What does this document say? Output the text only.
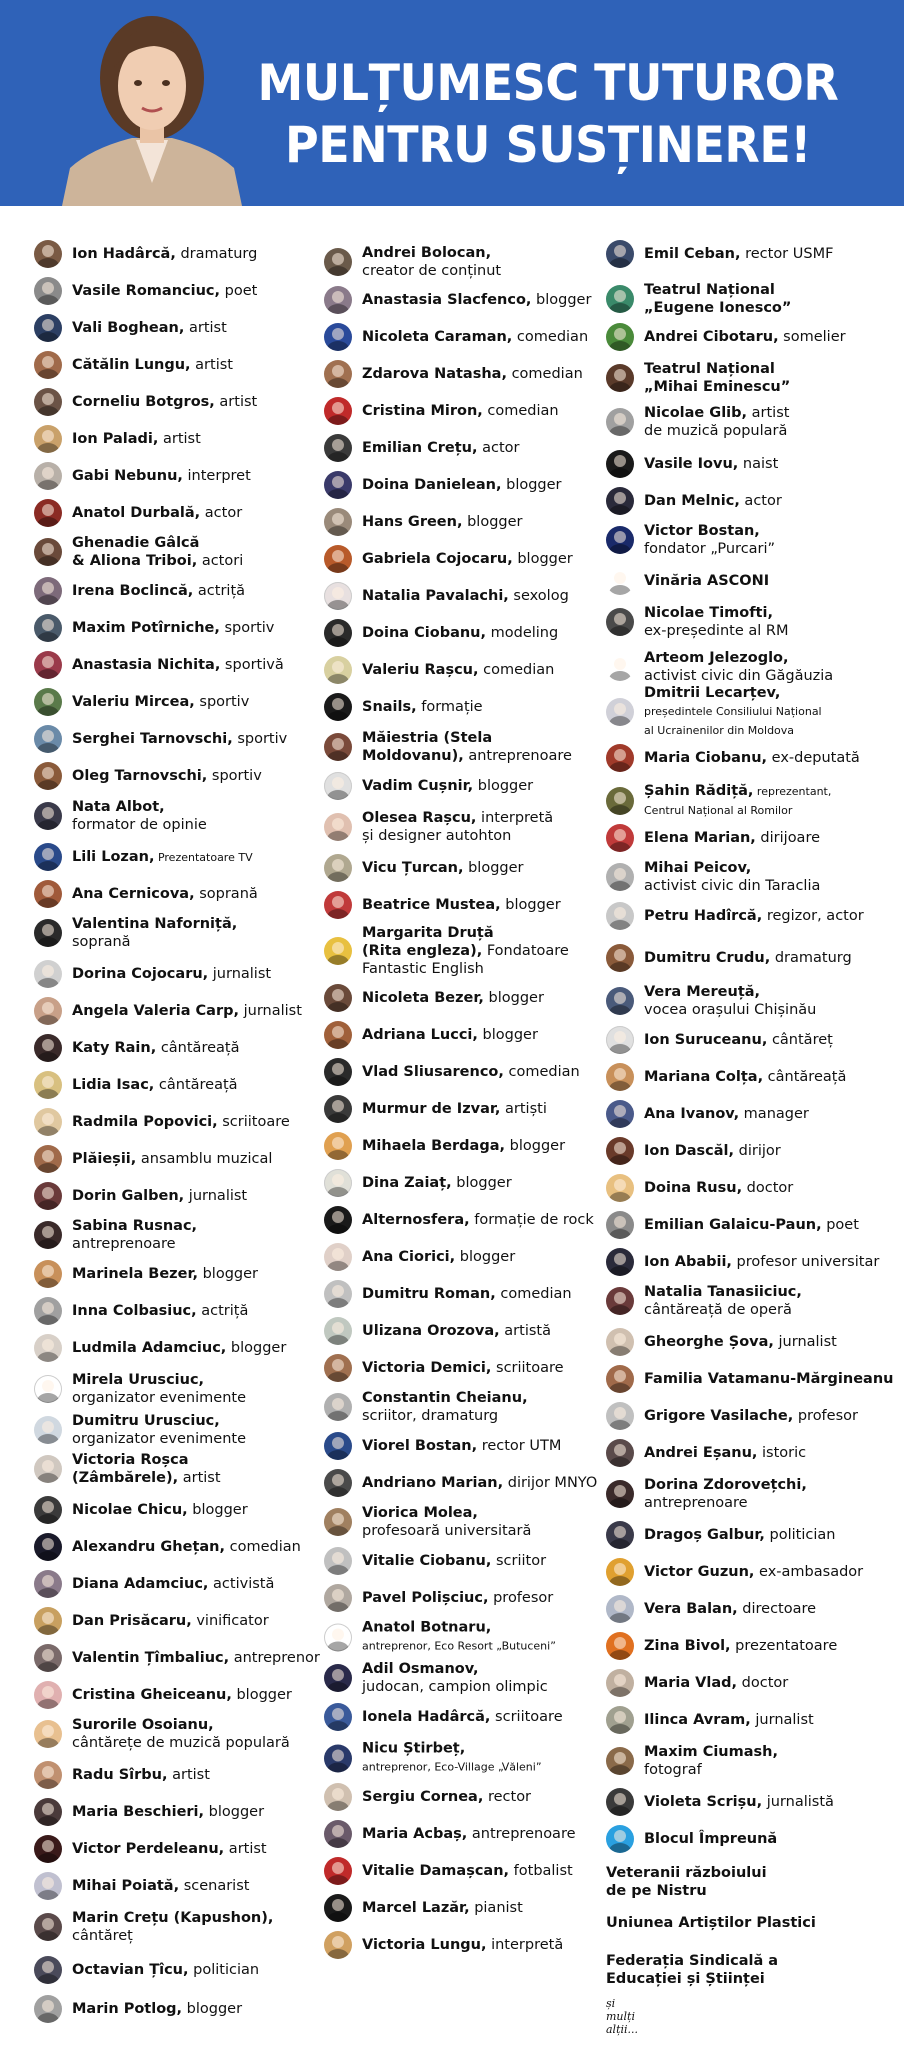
MULȚUMESC TUTUROR
PENTRU SUSȚINERE!
Ion Hadârcă, dramaturg
Vasile Romanciuc, poet
Vali Boghean, artist
Cătălin Lungu, artist
Corneliu Botgros, artist
Ion Paladi, artist
Gabi Nebunu, interpret
Anatol Durbală, actor
Ghenadie Gâlcă
& Aliona Triboi, actori
Irena Boclincă, actriță
Maxim Potîrniche, sportiv
Anastasia Nichita, sportivă
Valeriu Mircea, sportiv
Serghei Tarnovschi, sportiv
Oleg Tarnovschi, sportiv
Nata Albot,
formator de opinie
Lili Lozan, Prezentatoare TV
Ana Cernicova, soprană
Valentina Naforniță,
soprană
Dorina Cojocaru, jurnalist
Angela Valeria Carp, jurnalist
Katy Rain, cântăreață
Lidia Isac, cântăreață
Radmila Popovici, scriitoare
Plăieșii, ansamblu muzical
Dorin Galben, jurnalist
Sabina Rusnac,
antreprenoare
Marinela Bezer, blogger
Inna Colbasiuc, actriță
Ludmila Adamciuc, blogger
Mirela Urusciuc,
organizator evenimente
Dumitru Urusciuc,
organizator evenimente
Victoria Roșca
(Zâmbărele), artist
Nicolae Chicu, blogger
Alexandru Ghețan, comedian
Diana Adamciuc, activistă
Dan Prisăcaru, vinificator
Valentin Țîmbaliuc, antreprenor
Cristina Gheiceanu, blogger
Surorile Osoianu,
cântărețe de muzică populară
Radu Sîrbu, artist
Maria Beschieri, blogger
Victor Perdeleanu, artist
Mihai Poiată, scenarist
Marin Crețu (Kapushon),
cântăreț
Octavian Țîcu, politician
Marin Potlog, blogger
Andrei Bolocan,
creator de conținut
Anastasia Slacfenco, blogger
Nicoleta Caraman, comedian
Zdarova Natasha, comedian
Cristina Miron, comedian
Emilian Crețu, actor
Doina Danielean, blogger
Hans Green, blogger
Gabriela Cojocaru, blogger
Natalia Pavalachi, sexolog
Doina Ciobanu, modeling
Valeriu Rașcu, comedian
Snails, formație
Măiestria (Stela
Moldovanu), antreprenoare
Vadim Cușnir, blogger
Olesea Rașcu, interpretă
și designer autohton
Vicu Țurcan, blogger
Beatrice Mustea, blogger
Margarita Druță
(Rita engleza), Fondatoare
Fantastic English
Nicoleta Bezer, blogger
Adriana Lucci, blogger
Vlad Sliusarenco, comedian
Murmur de Izvar, artiști
Mihaela Berdaga, blogger
Dina Zaiaț, blogger
Alternosfera, formație de rock
Ana Ciorici, blogger
Dumitru Roman, comedian
Ulizana Orozova, artistă
Victoria Demici, scriitoare
Constantin Cheianu,
scriitor, dramaturg
Viorel Bostan, rector UTM
Andriano Marian, dirijor MNYO
Viorica Molea,
profesoară universitară
Vitalie Ciobanu, scriitor
Pavel Polișciuc, profesor
Anatol Botnaru,
antreprenor, Eco Resort „Butuceni”
Adil Osmanov,
judocan, campion olimpic
Ionela Hadârcă, scriitoare
Nicu Știrbeț,
antreprenor, Eco-Village „Văleni”
Sergiu Cornea, rector
Maria Acbaș, antreprenoare
Vitalie Damașcan, fotbalist
Marcel Lazăr, pianist
Victoria Lungu, interpretă
Emil Ceban, rector USMF
Teatrul Național
„Eugene Ionesco”
Andrei Cibotaru, somelier
Teatrul Național
„Mihai Eminescu”
Nicolae Glib, artist
de muzică populară
Vasile Iovu, naist
Dan Melnic, actor
Victor Bostan,
fondator „Purcari”
Vinăria ASCONI
Nicolae Timofti,
ex-președinte al RM
Arteom Jelezoglo,
activist civic din Găgăuzia
Dmitrii Lecarțev,
președintele Consiliului Național
al Ucrainenilor din Moldova
Maria Ciobanu, ex-deputată
Șahin Rădiță, reprezentant,
Centrul Național al Romilor
Elena Marian, dirijoare
Mihai Peicov,
activist civic din Taraclia
Petru Hadîrcă, regizor, actor
Dumitru Crudu, dramaturg
Vera Mereuță,
vocea orașului Chișinău
Ion Suruceanu, cântăreț
Mariana Colța, cântăreață
Ana Ivanov, manager
Ion Dascăl, dirijor
Doina Rusu, doctor
Emilian Galaicu-Paun, poet
Ion Ababii, profesor universitar
Natalia Tanasiiciuc,
cântăreață de operă
Gheorghe Șova, jurnalist
Familia Vatamanu-Mărgineanu
Grigore Vasilache, profesor
Andrei Eșanu, istoric
Dorina Zdorovețchi,
antreprenoare
Dragoș Galbur, politician
Victor Guzun, ex-ambasador
Vera Balan, directoare
Zina Bivol, prezentatoare
Maria Vlad, doctor
Ilinca Avram, jurnalist
Maxim Ciumash,
fotograf
Violeta Scrișu, jurnalistă
Blocul Împreună
Veteranii războiului
de pe Nistru
Uniunea Artiștilor Plastici
Federația Sindicală a
Educației și Științei
și mulți alții...
